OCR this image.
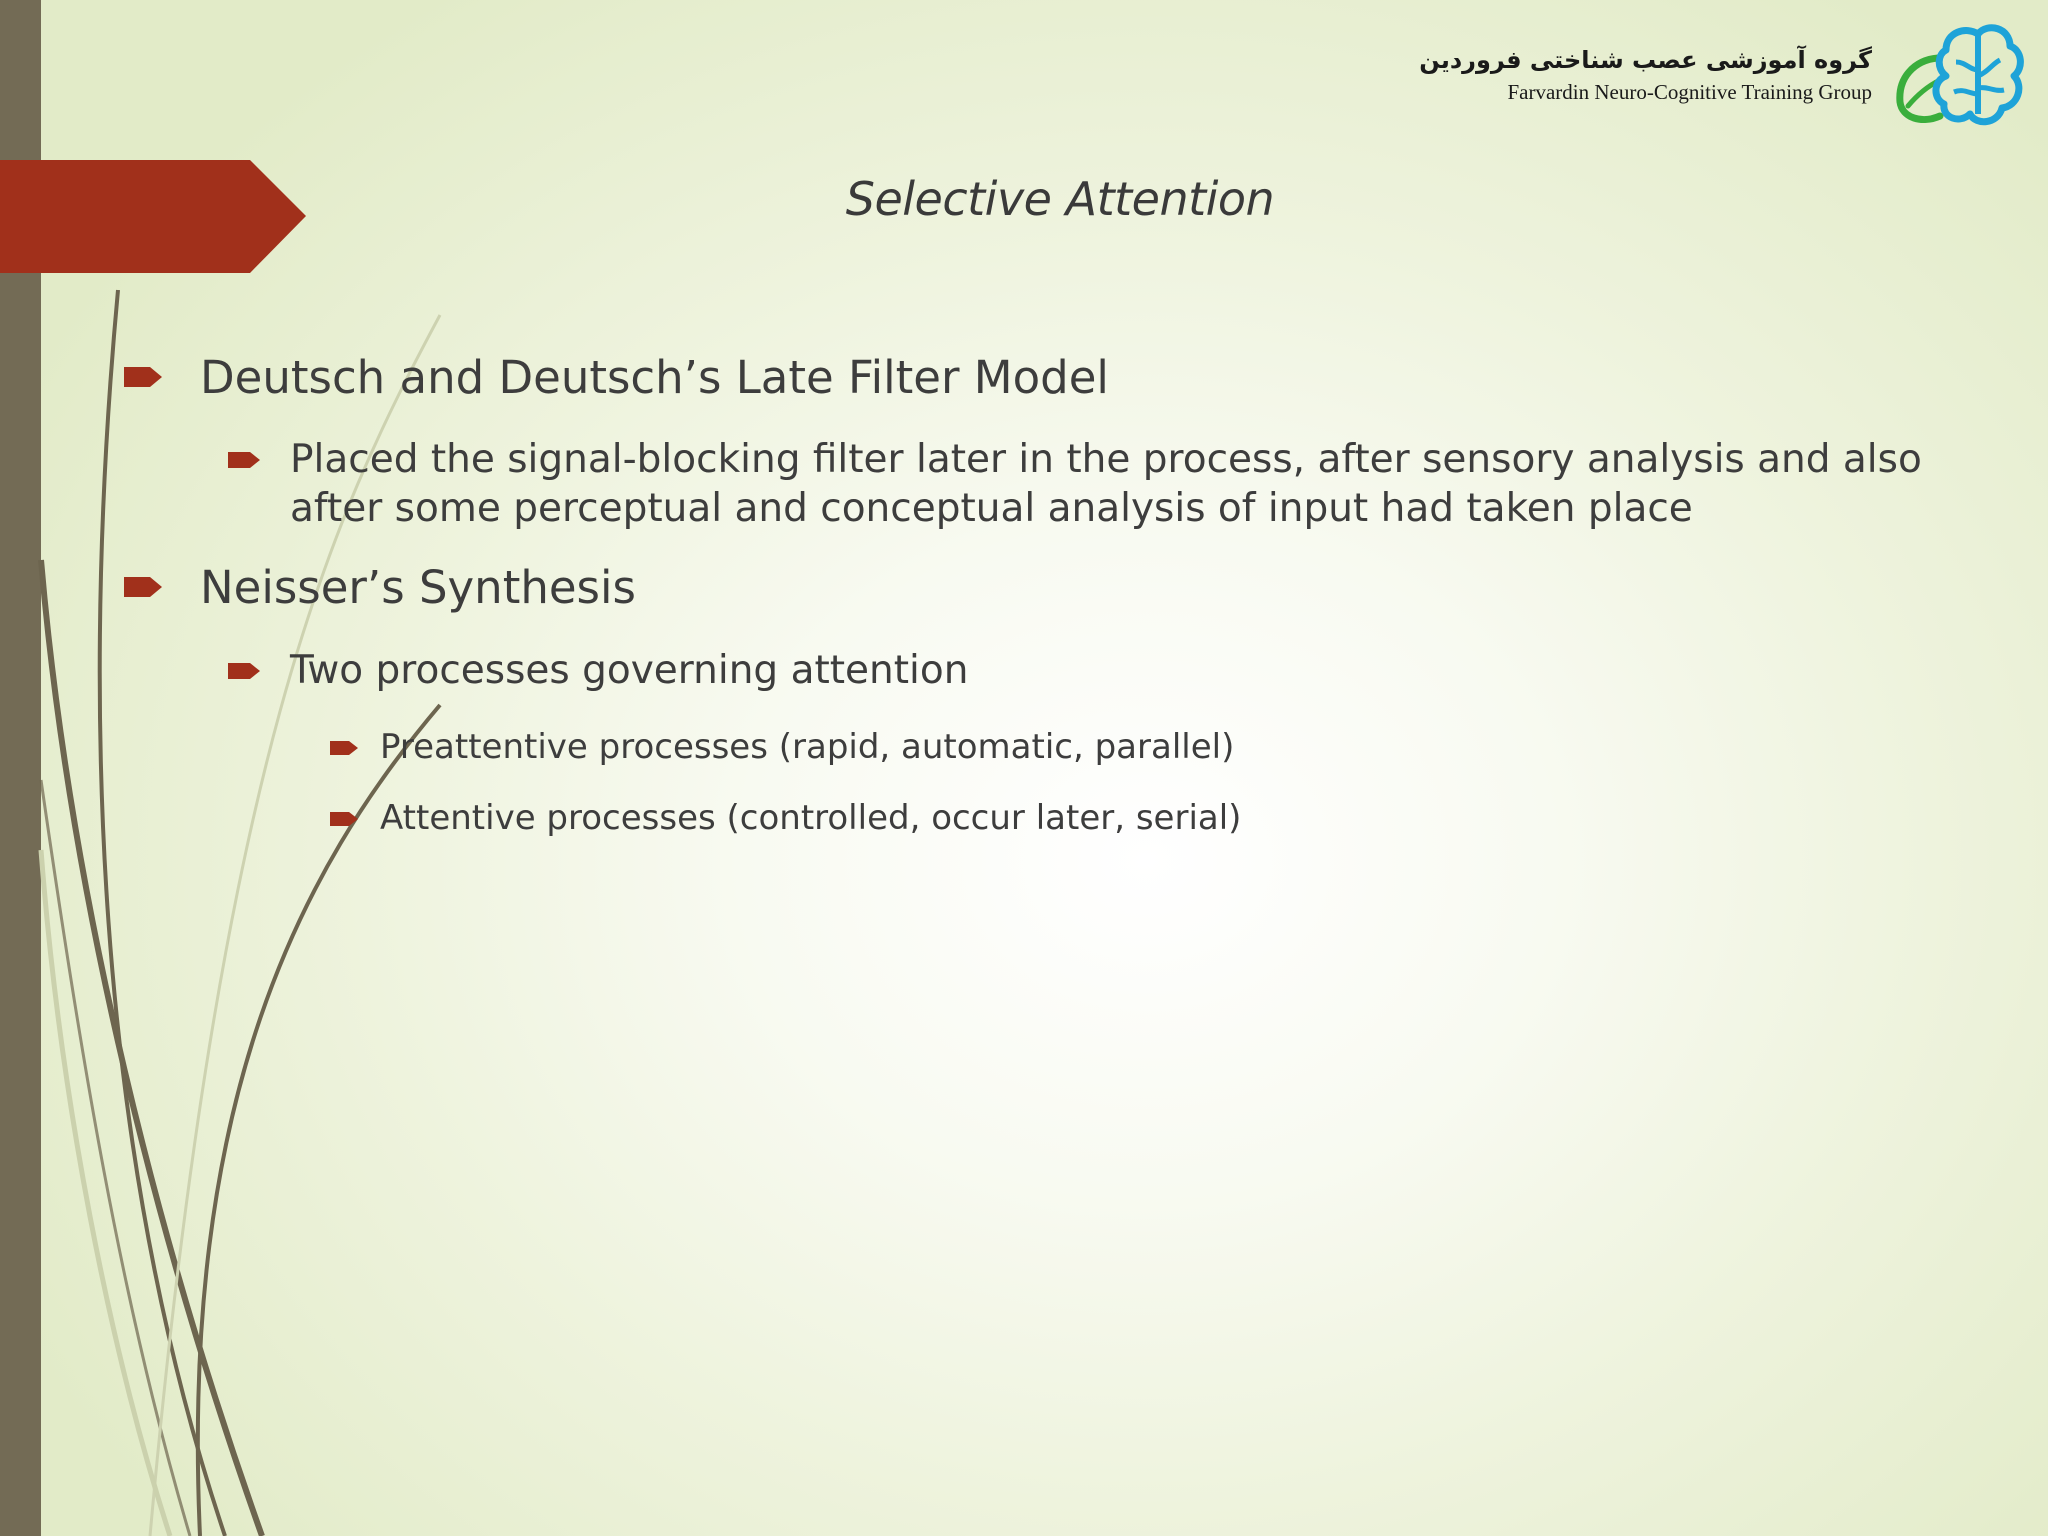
گروه آموزشی عصب شناختی فروردین
Farvardin Neuro-Cognitive Training Group
Selective Attention
Deutsch and Deutsch’s Late Filter Model
Placed the signal-blocking filter later in the process, after sensory analysis and also after some perceptual and conceptual analysis of input had taken place
Neisser’s Synthesis
Two processes governing attention
Preattentive processes (rapid, automatic, parallel)
Attentive processes (controlled, occur later, serial)
